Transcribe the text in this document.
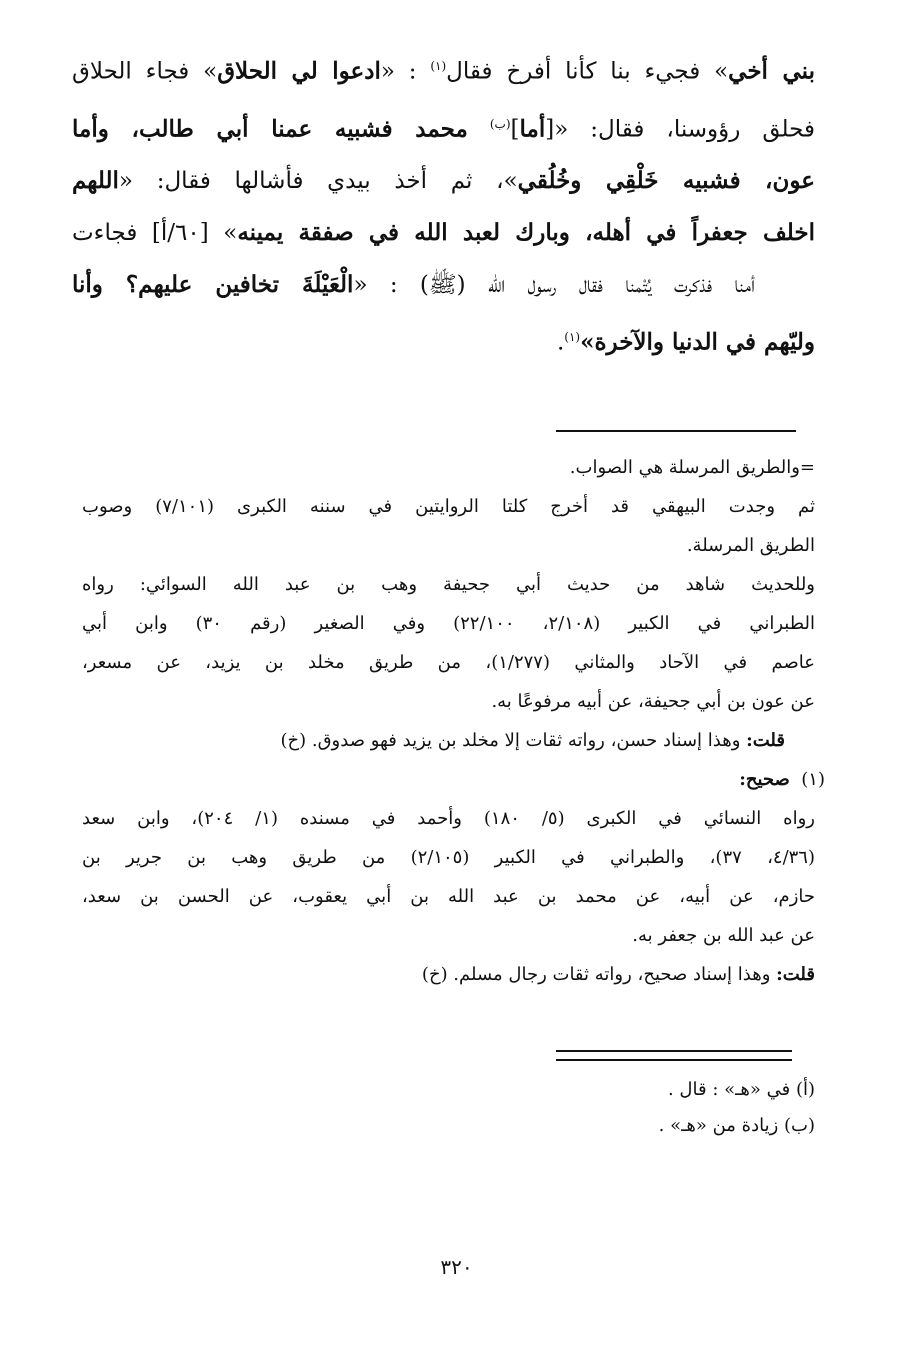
بني أخي» فجيء بنا كأنا أفرخ فقال$^{(١)}$ : «ادعوا لي الحلاق» فجاء الحلاق
فحلق رؤوسنا، فقال: «[أما]$^{(ب)}$ محمد فشبيه عمنا أبي طالب، وأما
عون، فشبيه خَلْقِي وخُلُقي»، ثم أخذ بيدي فأشالها فقال: «اللهم
اخلف جعفراً في أهله، وبارك لعبد الله في صفقة يمينه» [٦٠/أ] فجاءت
أمنا فذكرت يُتْمنا فقال رسول الله (ﷺ) : «الْعَيْلَةَ تخافين عليهم؟ وأنا
وليّهم في الدنيا والآخرة»$^{(١)}$.
=والطريق المرسلة هي الصواب.
ثم وجدت البيهقي قد أخرج كلتا الروايتين في سننه الكبرى (٧/١٠١) وصوب
الطريق المرسلة.
وللحديث شاهد من حديث أبي جحيفة وهب بن عبد الله السوائي: رواه
الطبراني في الكبير (٢/١٠٨، ٢٢/١٠٠) وفي الصغير (رقم ٣٠) وابن أبي
عاصم في الآحاد والمثاني (١/٢٧٧)، من طريق مخلد بن يزيد، عن مسعر،
عن عون بن أبي جحيفة، عن أبيه مرفوعًا به.
قلت: وهذا إسناد حسن، رواته ثقات إلا مخلد بن يزيد فهو صدوق. (خ)
(١)  صحيح:
رواه النسائي في الكبرى (٥/ ١٨٠) وأحمد في مسنده (١/ ٢٠٤)، وابن سعد
(٤/٣٦، ٣٧)، والطبراني في الكبير (٢/١٠٥) من طريق وهب بن جرير بن
حازم، عن أبيه، عن محمد بن عبد الله بن أبي يعقوب، عن الحسن بن سعد،
عن عبد الله بن جعفر به.
قلت: وهذا إسناد صحيح، رواته ثقات رجال مسلم. (خ)
(أ) في «هـ» : قال .
(ب) زيادة من «هـ» .
٣٢٠
